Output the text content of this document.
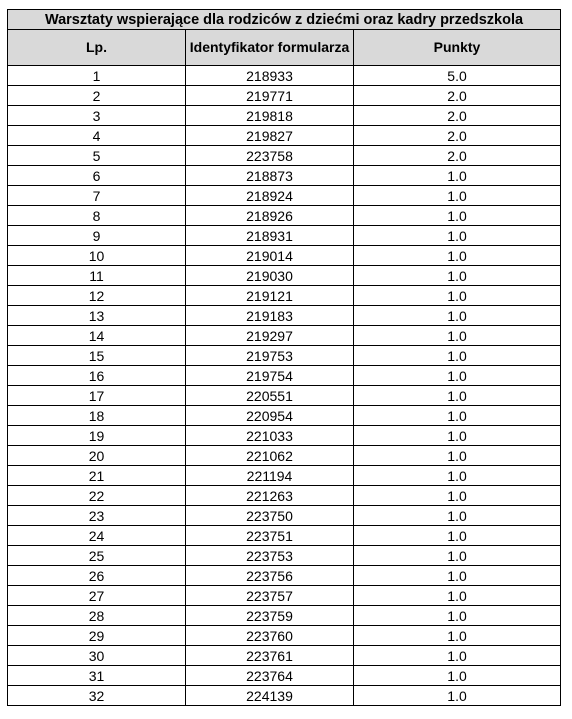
Warsztaty wspierające dla rodziców z dziećmi oraz kadry przedszkola		
Lp.	Identyfikator formularza	Punkty
1	218933	5.0
2	219771	2.0
3	219818	2.0
4	219827	2.0
5	223758	2.0
6	218873	1.0
7	218924	1.0
8	218926	1.0
9	218931	1.0
10	219014	1.0
11	219030	1.0
12	219121	1.0
13	219183	1.0
14	219297	1.0
15	219753	1.0
16	219754	1.0
17	220551	1.0
18	220954	1.0
19	221033	1.0
20	221062	1.0
21	221194	1.0
22	221263	1.0
23	223750	1.0
24	223751	1.0
25	223753	1.0
26	223756	1.0
27	223757	1.0
28	223759	1.0
29	223760	1.0
30	223761	1.0
31	223764	1.0
32	224139	1.0
